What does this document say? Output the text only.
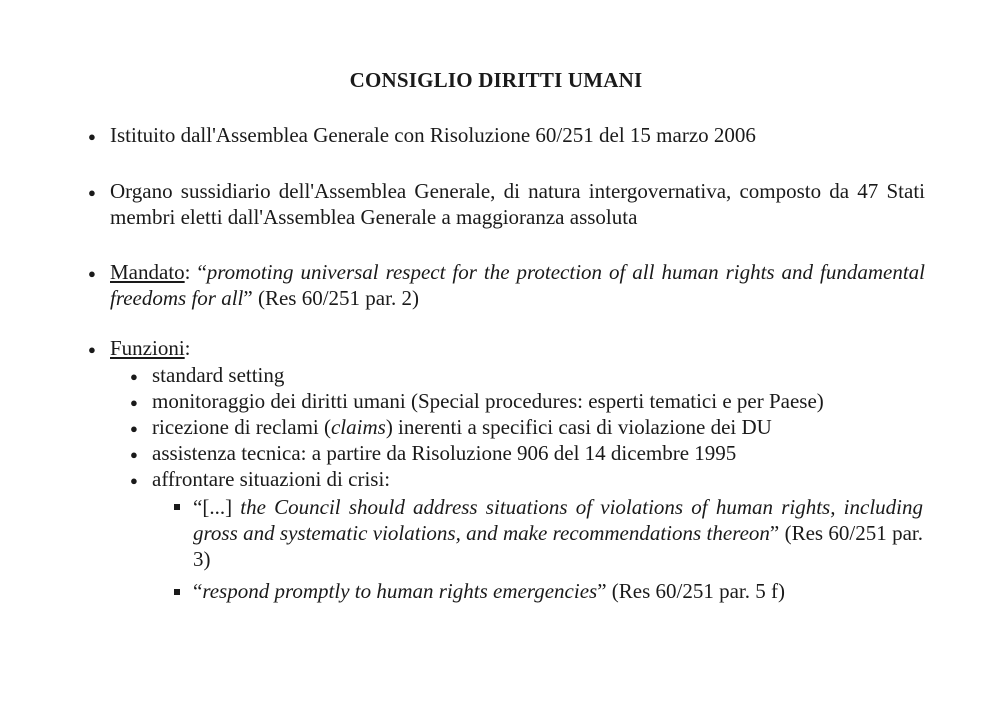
CONSIGLIO DIRITTI UMANI
● Istituito dall'Assemblea Generale con Risoluzione 60/251 del 15 marzo 2006
● Organo sussidiario dell'Assemblea Generale, di natura intergovernativa, composto da 47 Stati membri eletti dall'Assemblea Generale a maggioranza assoluta
● Mandato: “promoting universal respect for the protection of all human rights and fundamental freedoms for all” (Res 60/251 par. 2)
● Funzioni:
● standard setting
● monitoraggio dei diritti umani (Special procedures: esperti tematici e per Paese)
● ricezione di reclami (claims) inerenti a specifici casi di violazione dei DU
● assistenza tecnica: a partire da Risoluzione 906 del 14 dicembre 1995
● affrontare situazioni di crisi:
“[...] the Council should address situations of violations of human rights, including gross and systematic violations, and make recommendations thereon” (Res 60/251 par. 3)
“respond promptly to human rights emergencies” (Res 60/251 par. 5 f)
